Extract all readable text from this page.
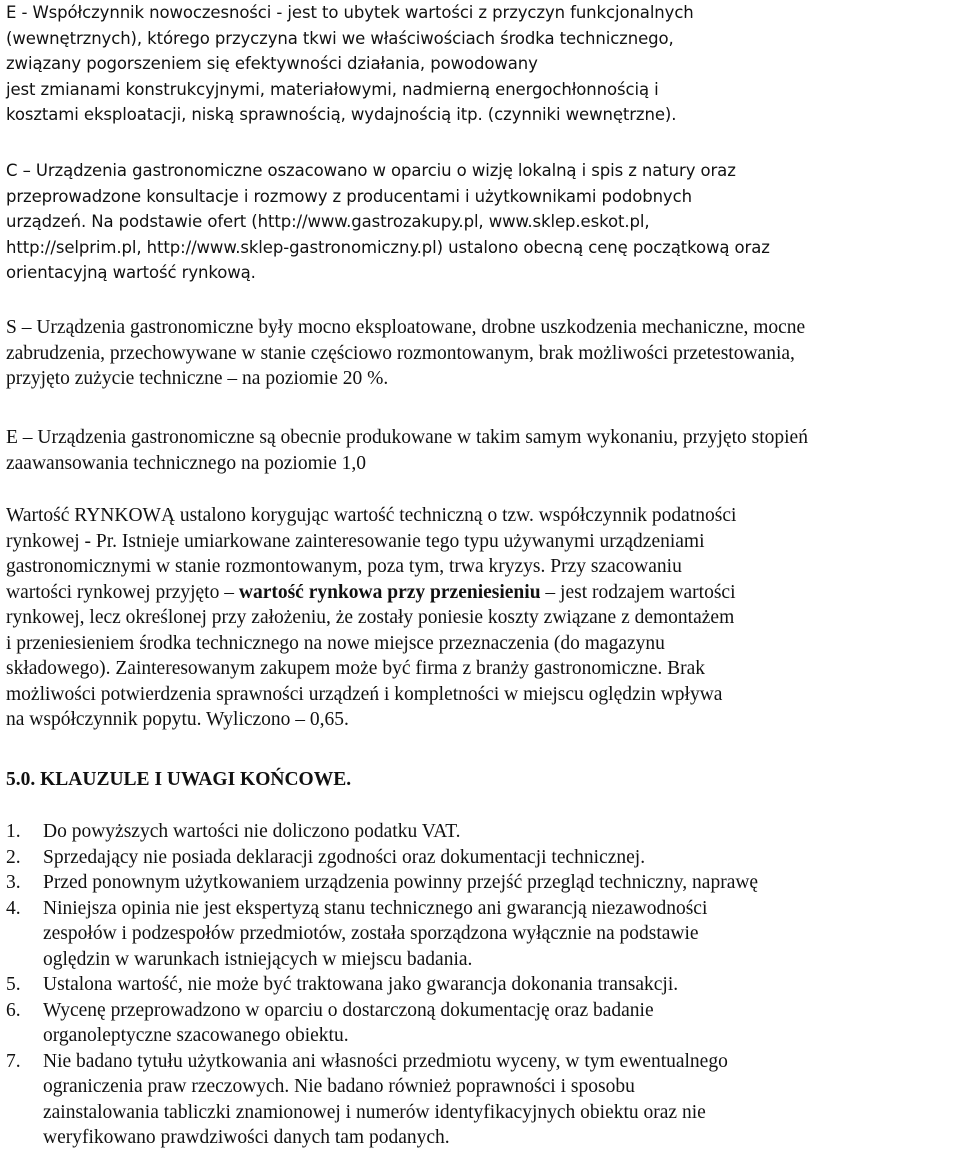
E - Współczynnik nowoczesności - jest to ubytek wartości z przyczyn funkcjonalnych
(wewnętrznych), którego przyczyna tkwi we właściwościach środka technicznego,
związany pogorszeniem się efektywności działania, powodowany
jest zmianami konstrukcyjnymi, materiałowymi, nadmierną energochłonnością i
kosztami eksploatacji, niską sprawnością, wydajnością itp. (czynniki wewnętrzne).
C – Urządzenia gastronomiczne oszacowano w oparciu o wizję lokalną i spis z natury oraz
przeprowadzone konsultacje i rozmowy z producentami i użytkownikami podobnych
urządzeń. Na podstawie ofert (http://www.gastrozakupy.pl, www.sklep.eskot.pl,
http://selprim.pl, http://www.sklep-gastronomiczny.pl) ustalono obecną cenę początkową oraz
orientacyjną wartość rynkową.
S – Urządzenia gastronomiczne były mocno eksploatowane, drobne uszkodzenia mechaniczne, mocne
zabrudzenia, przechowywane w stanie częściowo rozmontowanym, brak możliwości przetestowania,
przyjęto zużycie techniczne – na poziomie 20 %.
E – Urządzenia gastronomiczne są obecnie produkowane w takim samym wykonaniu, przyjęto stopień
zaawansowania technicznego na poziomie 1,0
Wartość RYNKOWĄ ustalono korygując wartość techniczną o tzw. współczynnik podatności
rynkowej - Pr. Istnieje umiarkowane zainteresowanie tego typu używanymi urządzeniami
gastronomicznymi w stanie rozmontowanym, poza tym, trwa kryzys. Przy szacowaniu
wartości rynkowej przyjęto – wartość rynkowa przy przeniesieniu – jest rodzajem wartości
rynkowej, lecz określonej przy założeniu, że zostały poniesie koszty związane z demontażem
i przeniesieniem środka technicznego na nowe miejsce przeznaczenia (do magazynu
składowego). Zainteresowanym zakupem może być firma z branży gastronomiczne. Brak
możliwości potwierdzenia sprawności urządzeń i kompletności w miejscu oględzin wpływa
na współczynnik popytu. Wyliczono – 0,65.
5.0. KLAUZULE I UWAGI KOŃCOWE.
1. Do powyższych wartości nie doliczono podatku VAT.
2. Sprzedający nie posiada deklaracji zgodności oraz dokumentacji technicznej.
3. Przed ponownym użytkowaniem urządzenia powinny przejść przegląd techniczny, naprawę
4. Niniejsza opinia nie jest ekspertyzą stanu technicznego ani gwarancją niezawodności
zespołów i podzespołów przedmiotów, została sporządzona wyłącznie na podstawie
oględzin w warunkach istniejących w miejscu badania.
5. Ustalona wartość, nie może być traktowana jako gwarancja dokonania transakcji.
6. Wycenę przeprowadzono w oparciu o dostarczoną dokumentację oraz badanie
organoleptyczne szacowanego obiektu.
7. Nie badano tytułu użytkowania ani własności przedmiotu wyceny, w tym ewentualnego
ograniczenia praw rzeczowych. Nie badano również poprawności i sposobu
zainstalowania tabliczki znamionowej i numerów identyfikacyjnych obiektu oraz nie
weryfikowano prawdziwości danych tam podanych.
